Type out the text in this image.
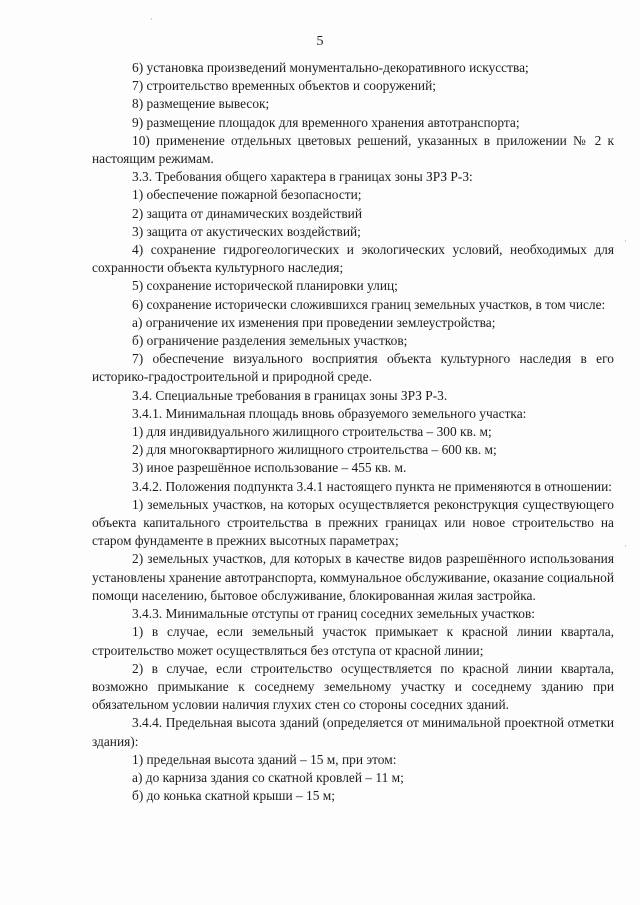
5

6) установка произведений монументально-декоративного искусства;

7) строительство временных объектов и сооружений;

8) размещение вывесок;

9) размещение площадок для временного хранения автотранспорта;

10) применение отдельных цветовых решений, указанных в приложении № 2 к настоящим режимам.

3.3. Требования общего характера в границах зоны ЗРЗ Р-3:

1) обеспечение пожарной безопасности;

2) защита от динамических воздействий

3) защита от акустических воздействий;

4) сохранение гидрогеологических и экологических условий, необходимых для сохранности объекта культурного наследия;

5) сохранение исторической планировки улиц;

6) сохранение исторически сложившихся границ земельных участков, в том числе:

а) ограничение их изменения при проведении землеустройства;

б) ограничение разделения земельных участков;

7) обеспечение визуального восприятия объекта культурного наследия в его историко-градостроительной и природной среде.

3.4. Специальные требования в границах зоны ЗРЗ Р-3.

3.4.1. Минимальная площадь вновь образуемого земельного участка:

1) для индивидуального жилищного строительства – 300 кв. м;

2) для многоквартирного жилищного строительства – 600 кв. м;

3) иное разрешённое использование – 455 кв. м.

3.4.2. Положения подпункта 3.4.1 настоящего пункта не применяются в отношении:

1) земельных участков, на которых осуществляется реконструкция существующего объекта капитального строительства в прежних границах или новое строительство на старом фундаменте в прежних высотных параметрах;

2) земельных участков, для которых в качестве видов разрешённого использования установлены хранение автотранспорта, коммунальное обслуживание, оказание социальной помощи населению, бытовое обслуживание, блокированная жилая застройка.

3.4.3. Минимальные отступы от границ соседних земельных участков:

1) в случае, если земельный участок примыкает к красной линии квартала, строительство может осуществляться без отступа от красной линии;

2) в случае, если строительство осуществляется по красной линии квартала, возможно примыкание к соседнему земельному участку и соседнему зданию при обязательном условии наличия глухих стен со стороны соседних зданий.

3.4.4. Предельная высота зданий (определяется от минимальной проектной отметки здания):

1) предельная высота зданий – 15 м, при этом:

а) до карниза здания со скатной кровлей – 11 м;

б) до конька скатной крыши – 15 м;

·
·
·
